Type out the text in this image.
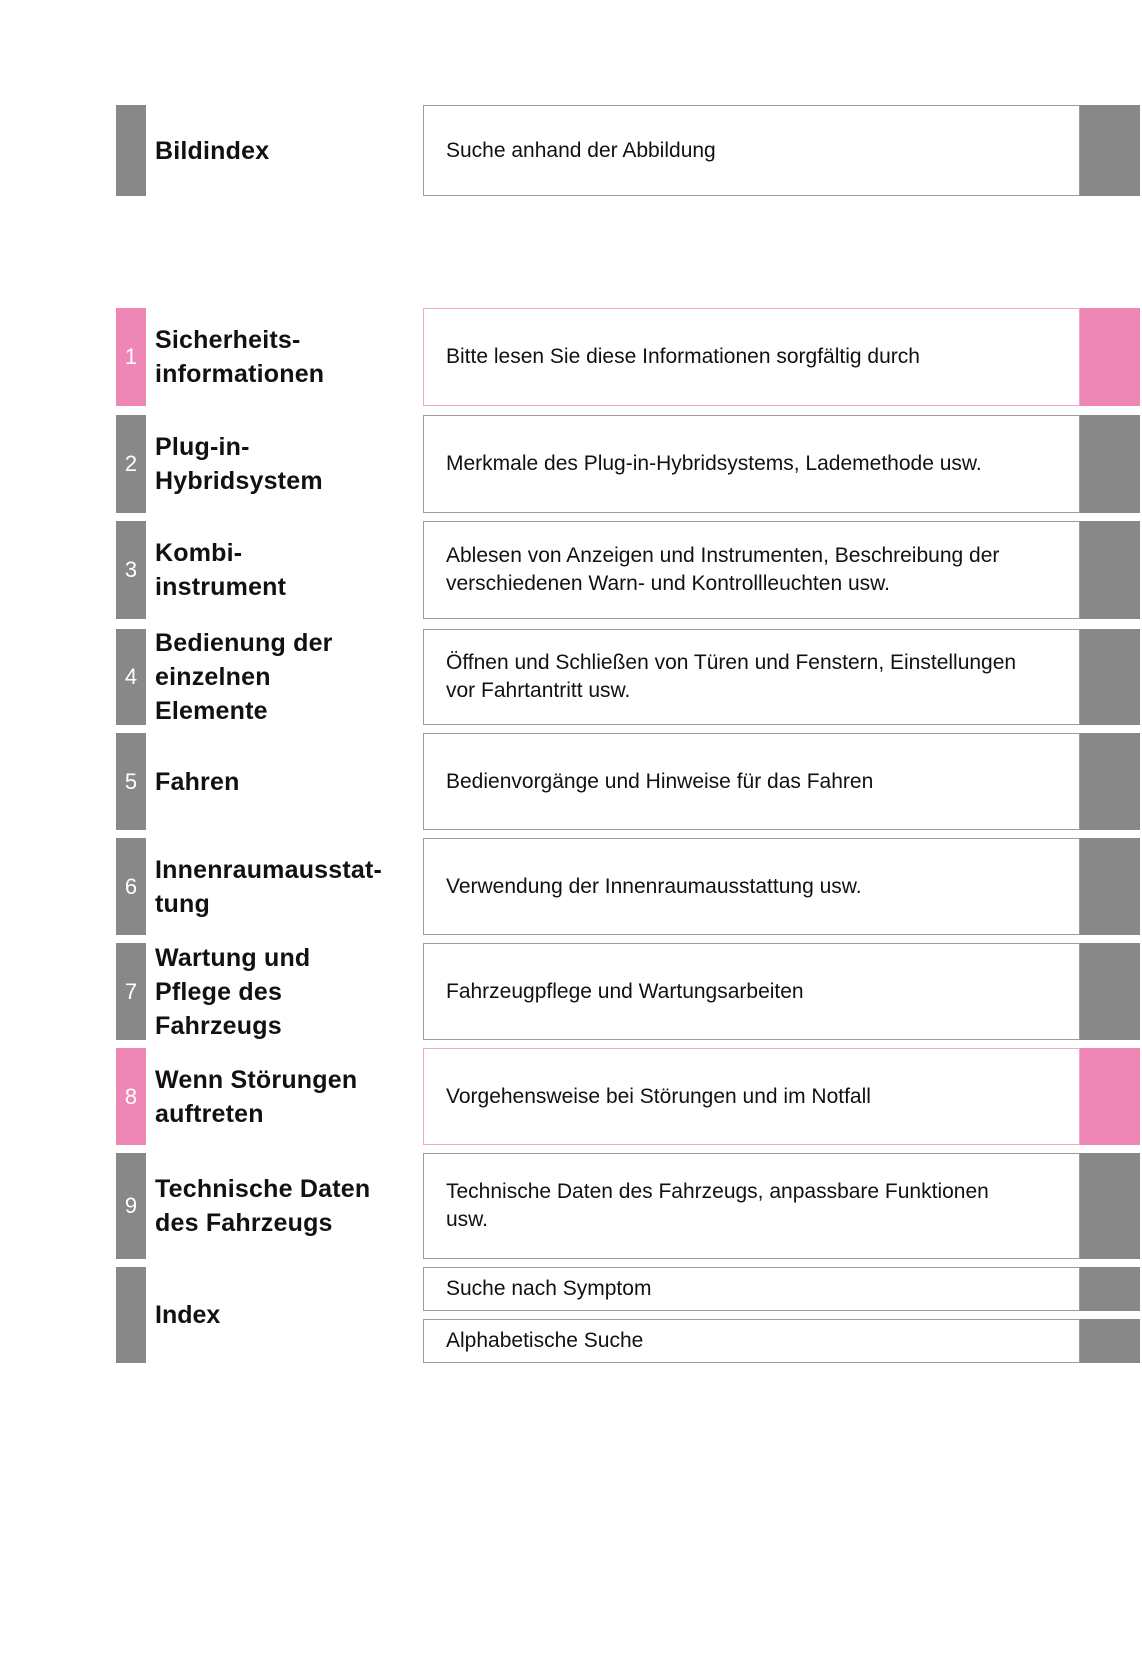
Bildindex	Suche anhand der Abbildung
1
Sicherheits-
informationen
Bitte lesen Sie diese Informationen sorgfältig durch
2
Plug-in-
Hybridsystem
Merkmale des Plug-in-Hybridsystems, Lademethode usw.
3
Kombi-
instrument
Ablesen von Anzeigen und Instrumenten, Beschreibung der
verschiedenen Warn- und Kontrollleuchten usw.
4
Bedienung der
einzelnen
Elemente
Öffnen und Schließen von Türen und Fenstern, Einstellungen
vor Fahrtantritt usw.
5 Fahren	Bedienvorgänge und Hinweise für das Fahren
6
Innenraumausstat-
tung
Verwendung der Innenraumausstattung usw.
7
Wartung und
Pflege des
Fahrzeugs
Fahrzeugpflege und Wartungsarbeiten
8
Wenn Störungen
auftreten
Vorgehensweise bei Störungen und im Notfall
9
Technische Daten
des Fahrzeugs
Technische Daten des Fahrzeugs, anpassbare Funktionen
usw.
Index
Suche nach Symptom
Alphabetische Suche
